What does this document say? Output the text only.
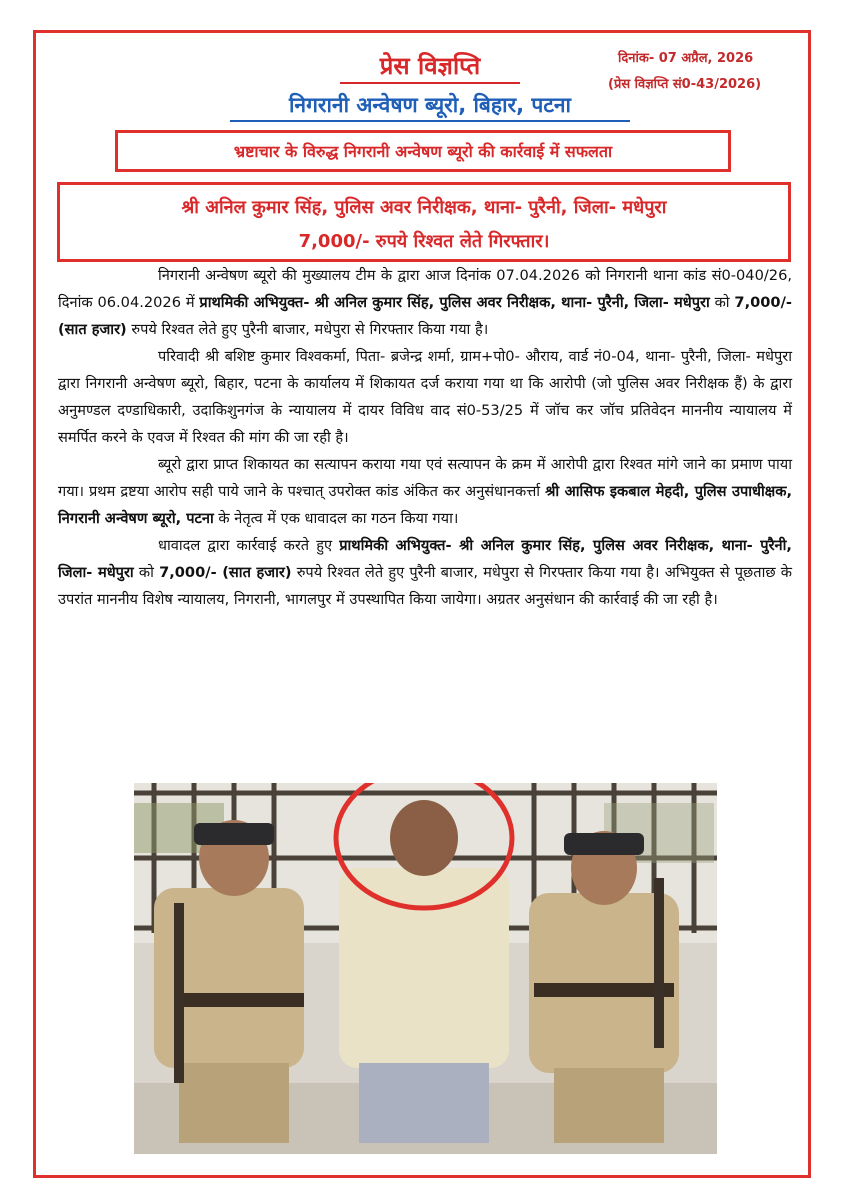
प्रेस विज्ञप्ति	दिनांक- 07 अप्रैल, 2026
(प्रेस विज्ञप्ति सं0-43/2026)
निगरानी अन्वेषण ब्यूरो, बिहार, पटना
भ्रष्टाचार के विरुद्ध निगरानी अन्वेषण ब्यूरो की कार्रवाई में सफलता
श्री अनिल कुमार सिंह, पुलिस अवर निरीक्षक, थाना- पुरैनी, जिला- मधेपुरा
7,000/- रुपये रिश्वत लेते गिरफ्तार।

निगरानी अन्वेषण ब्यूरो की मुख्यालय टीम के द्वारा आज दिनांक 07.04.2026 को निगरानी थाना कांड सं0-040/26, दिनांक 06.04.2026 में प्राथमिकी अभियुक्त- श्री अनिल कुमार सिंह, पुलिस अवर निरीक्षक, थाना- पुरैनी, जिला- मधेपुरा को 7,000/- (सात हजार) रुपये रिश्वत लेते हुए पुरैनी बाजार, मधेपुरा से गिरफ्तार किया गया है।

परिवादी श्री बशिष्ट कुमार विश्वकर्मा, पिता- ब्रजेन्द्र शर्मा, ग्राम+पो0- औराय, वार्ड नं0-04, थाना- पुरैनी, जिला- मधेपुरा द्वारा निगरानी अन्वेषण ब्यूरो, बिहार, पटना के कार्यालय में शिकायत दर्ज कराया गया था कि आरोपी (जो पुलिस अवर निरीक्षक हैं) के द्वारा अनुमण्डल दण्डाधिकारी, उदाकिशुनगंज के न्यायालय में दायर विविध वाद सं0-53/25 में जॉच कर जॉच प्रतिवेदन माननीय न्यायालय में समर्पित करने के एवज में रिश्वत की मांग की जा रही है।

ब्यूरो द्वारा प्राप्त शिकायत का सत्यापन कराया गया एवं सत्यापन के क्रम में आरोपी द्वारा रिश्वत मांगे जाने का प्रमाण पाया गया। प्रथम द्रष्टया आरोप सही पाये जाने के पश्चात् उपरोक्त कांड अंकित कर अनुसंधानकर्त्ता श्री आसिफ इकबाल मेहदी, पुलिस उपाधीक्षक, निगरानी अन्वेषण ब्यूरो, पटना के नेतृत्व में एक धावादल का गठन किया गया।

धावादल द्वारा कार्रवाई करते हुए प्राथमिकी अभियुक्त- श्री अनिल कुमार सिंह, पुलिस अवर निरीक्षक, थाना- पुरैनी, जिला- मधेपुरा को 7,000/- (सात हजार) रुपये रिश्वत लेते हुए पुरैनी बाजार, मधेपुरा से गिरफ्तार किया गया है। अभियुक्त से पूछताछ के उपरांत माननीय विशेष न्यायालय, निगरानी, भागलपुर में उपस्थापित किया जायेगा। अग्रतर अनुसंधान की कार्रवाई की जा रही है।
